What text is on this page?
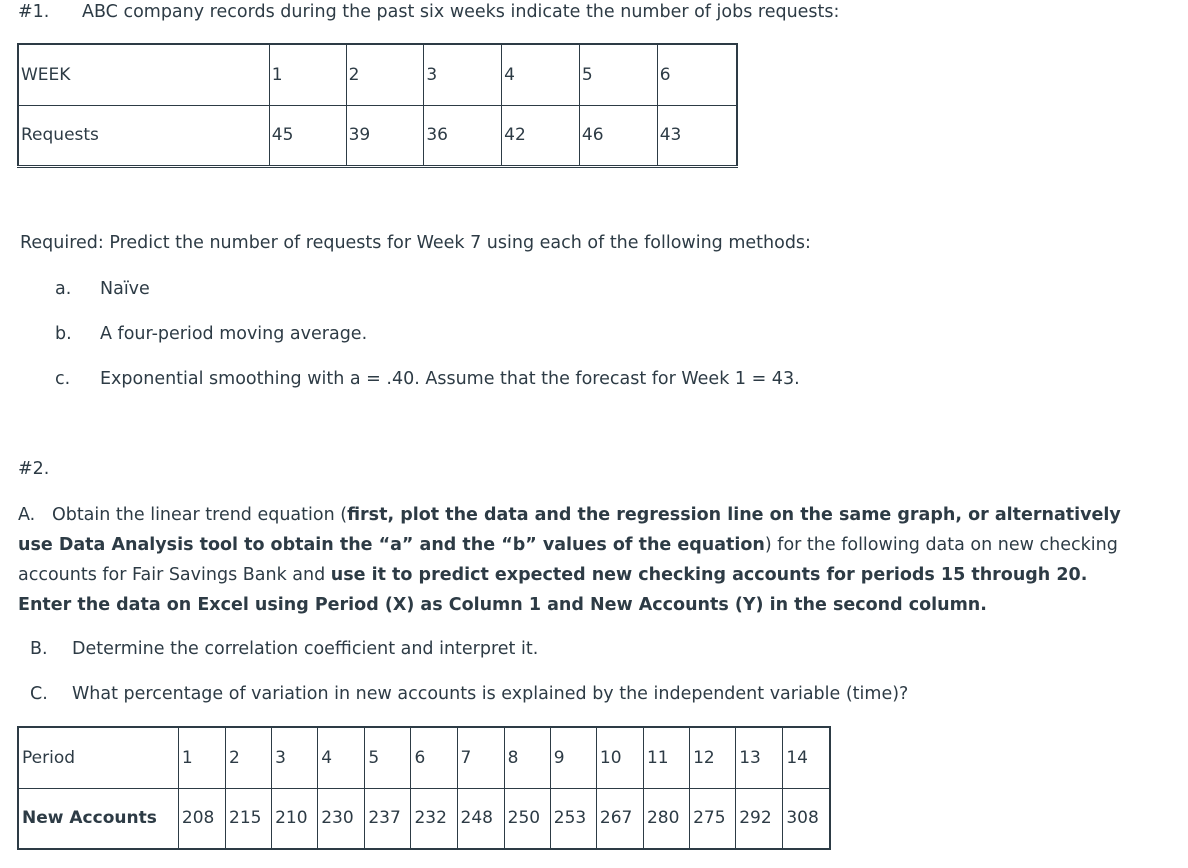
#1. ABC company records during the past six weeks indicate the number of jobs requests:
WEEK	1	2	3	4	5	6
Requests	45	39	36	42	46	43
Required: Predict the number of requests for Week 7 using each of the following methods:
a. Naïve
b. A four-period moving average.
c. Exponential smoothing with a = .40. Assume that the forecast for Week 1 = 43.
#2.
A. Obtain the linear trend equation (first, plot the data and the regression line on the same graph, or alternatively use Data Analysis tool to obtain the “a” and the “b” values of the equation) for the following data on new checking accounts for Fair Savings Bank and use it to predict expected new checking accounts for periods 15 through 20. Enter the data on Excel using Period (X) as Column 1 and New Accounts (Y) in the second column.
B. Determine the correlation coefficient and interpret it.
C. What percentage of variation in new accounts is explained by the independent variable (time)?
Period	1	2	3	4	5	6	7	8	9	10	11	12	13	14
New Accounts	208	215	210	230	237	232	248	250	253	267	280	275	292	308
